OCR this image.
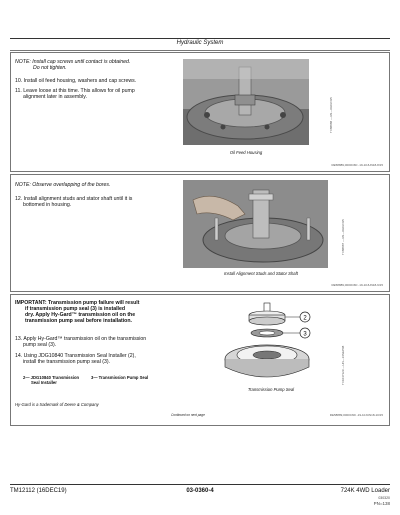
Hydraulic System
NOTE: Install cap screws until contact is obtained.
Do not tighten.
10. Install oil feed housing, washers and cap screws.
11. Leave loose at this time. This allows for oil pump
alignment later in assembly.
TX88888 —UN—09JUN15
Oil Feed Housing
RE58889,0000C6D -19-10JUN18-8/15
NOTE: Observe overlapping of the bores.
12. Install alignment studs and stator shaft until it is
bottomed in housing.
TX88887 —UN—09JUN15
Install Alignment Studs and Stator Shaft
RE58889,0000C6D -19-10JUN18-9/15
IMPORTANT: Transmission pump failure will result
if transmission pump seal (3) is installed
dry. Apply Hy-Gard™ transmission oil on the
transmission pump seal before installation.
13. Apply Hy-Gard™ transmission oil on the transmission
pump seal (3).
14. Using JDG10840 Transmission Seal Installer (2),
install the transmission pump seal (3).
2— JDG10840 Transmission
Seal Installer
3— Transmission Pump Seal
Hy-Gard is a trademark of Deere & Company
2
3
TX1047129 —UN—16SEP08
Transmission Pump Seal
Continued on next page	RE58889,0000C6D -19-10JUN18-10/15
TM12112 (16DEC19)	03-0360-4	724K 4WD Loader
030320
PN=138
